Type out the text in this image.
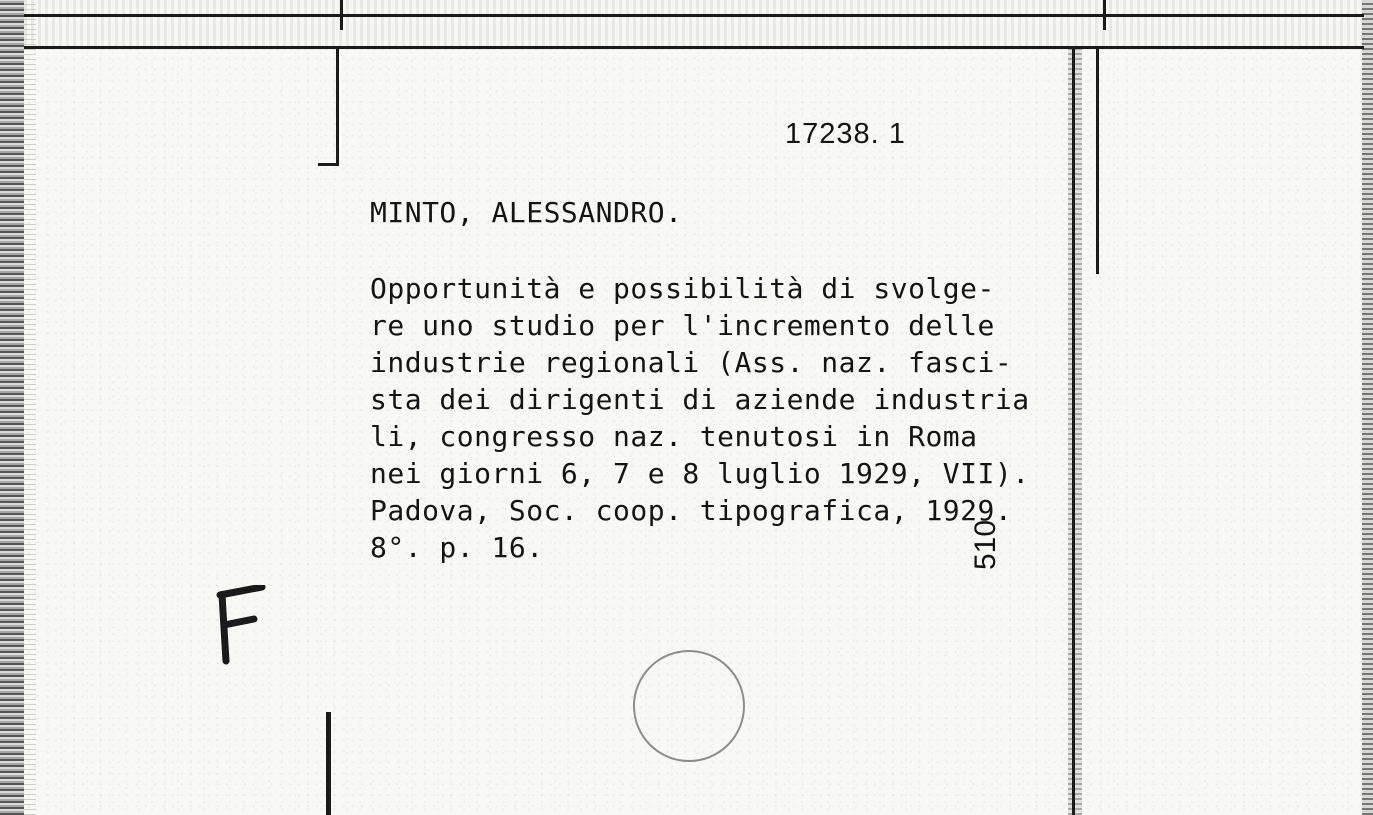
17238. 1
MINTO, ALESSANDRO.
Opportunità e possibilità di svolge-
re uno studio per l'incremento delle
industrie regionali (Ass. naz. fasci-
sta dei dirigenti di aziende industria
li, congresso naz. tenutosi in Roma
nei giorni 6, 7 e 8 luglio 1929, VII).
Padova, Soc. coop. tipografica, 1929.
8°. p. 16.	510
